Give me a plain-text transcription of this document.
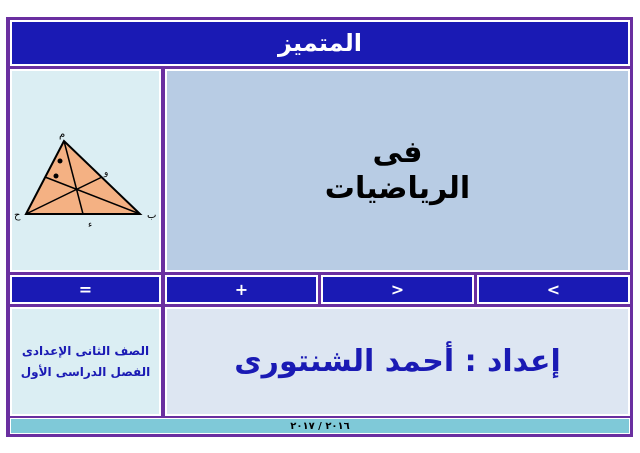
المتميز
م
ح	ب
ء
و
فى
الرياضيات
=	+	>	<
الصف الثانى الإعدادى
الفصل الدراسى الأول	إعداد : أحمد الشنتورى
٢٠١٦ / ٢٠١٧
